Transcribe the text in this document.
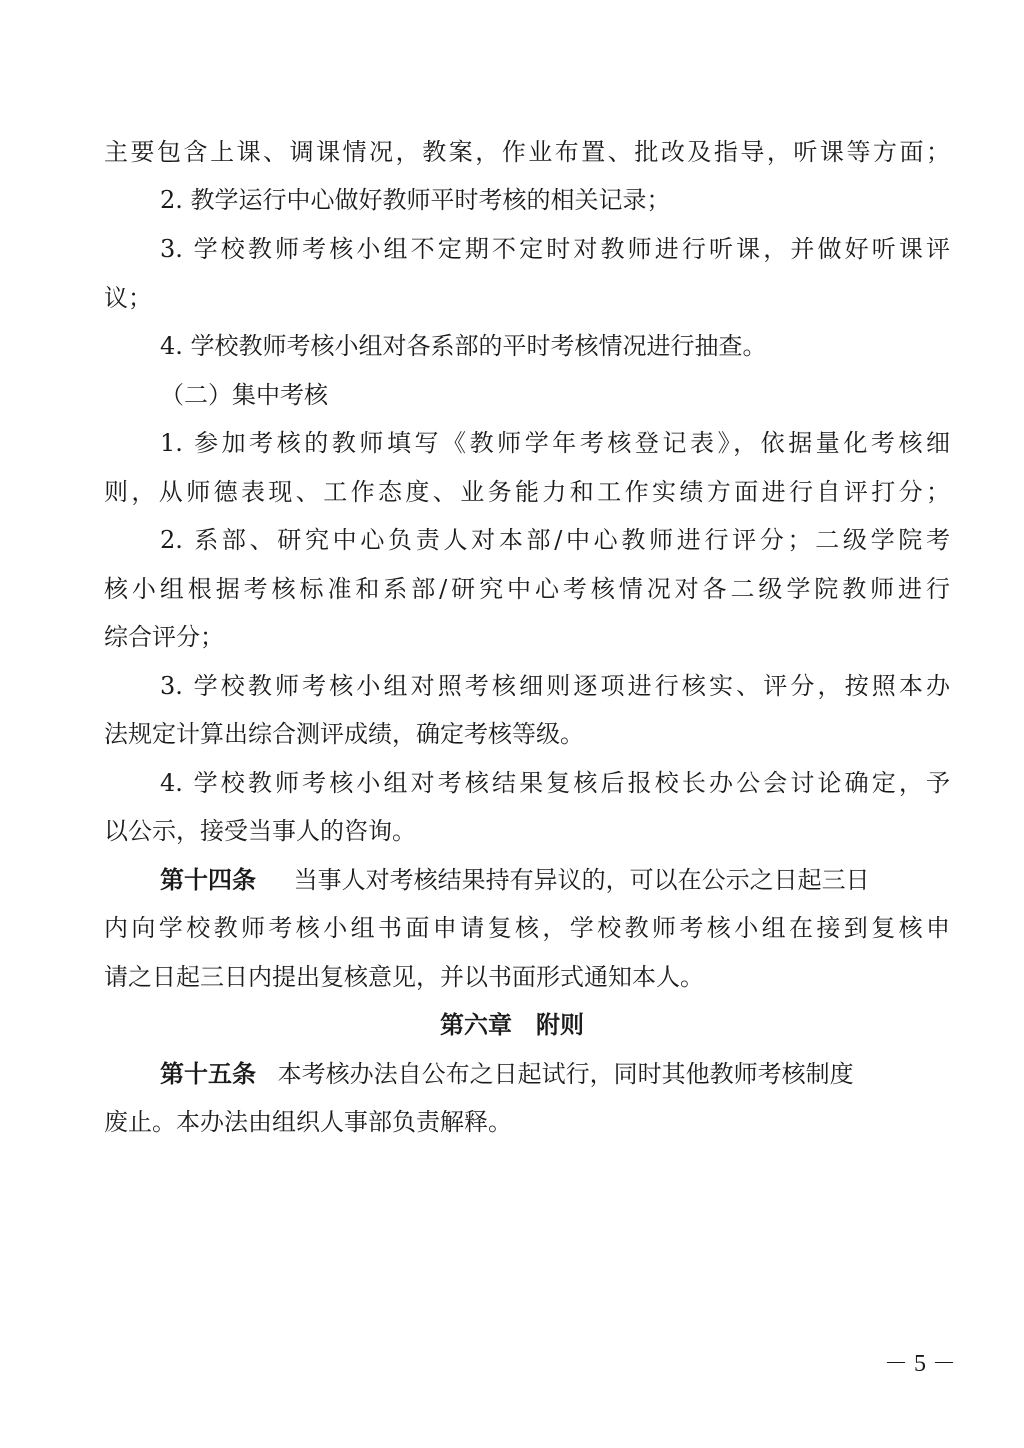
主要包含上课、调课情况，教案，作业布置、批改及指导，听课等方面；
2. 教学运行中心做好教师平时考核的相关记录；
3. 学校教师考核小组不定期不定时对教师进行听课，并做好听课评
议；
4. 学校教师考核小组对各系部的平时考核情况进行抽查。
（二）集中考核
1. 参加考核的教师填写《教师学年考核登记表》，依据量化考核细
则，从师德表现、工作态度、业务能力和工作实绩方面进行自评打分；
2. 系部、研究中心负责人对本部/中心教师进行评分；二级学院考
核小组根据考核标准和系部/研究中心考核情况对各二级学院教师进行
综合评分；
3. 学校教师考核小组对照考核细则逐项进行核实、评分，按照本办
法规定计算出综合测评成绩，确定考核等级。
4. 学校教师考核小组对考核结果复核后报校长办公会讨论确定，予
以公示，接受当事人的咨询。
第十四条 当事人对考核结果持有异议的，可以在公示之日起三日
内向学校教师考核小组书面申请复核，学校教师考核小组在接到复核申
请之日起三日内提出复核意见，并以书面形式通知本人。
第六章　附则
第十五条 本考核办法自公布之日起试行，同时其他教师考核制度
废止。本办法由组织人事部负责解释。
－ 5 －
